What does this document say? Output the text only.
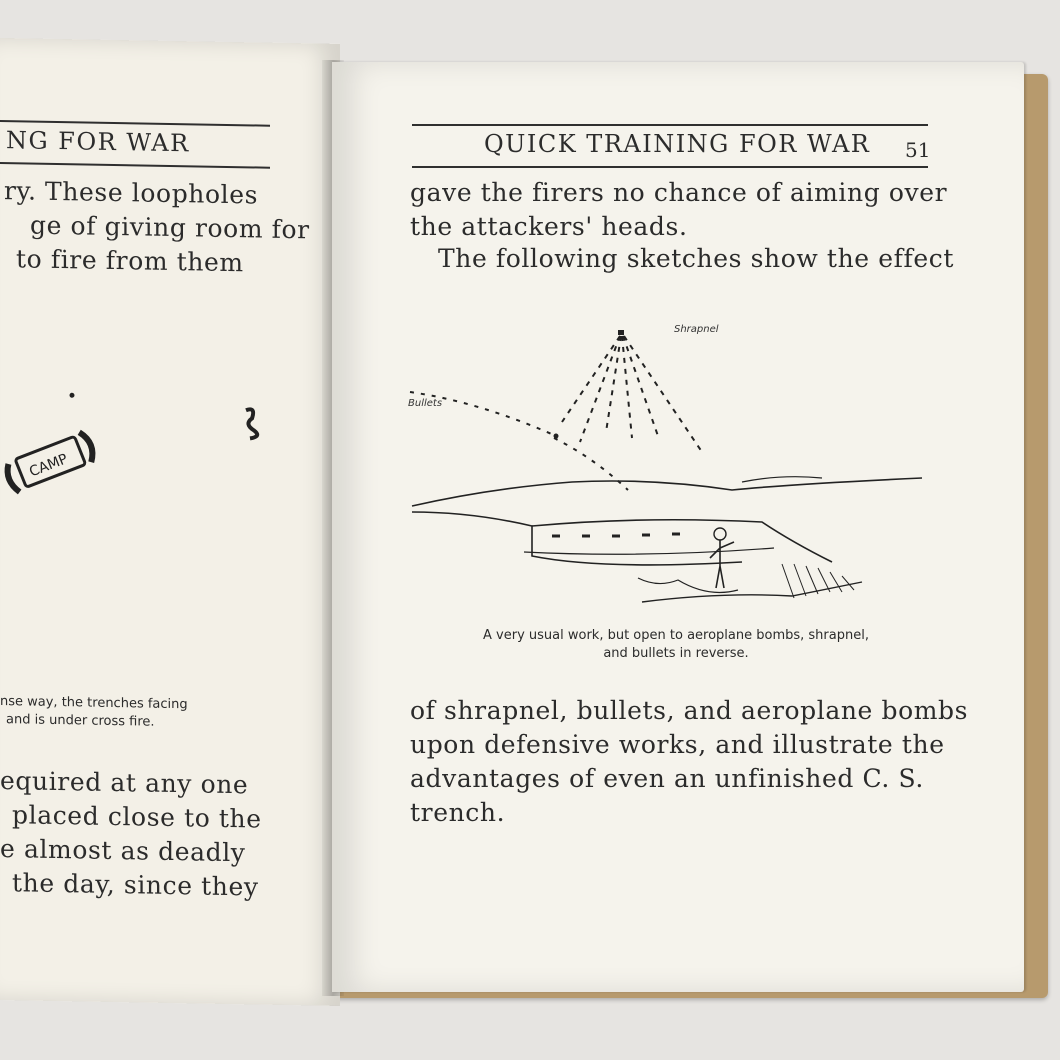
NG FOR WAR
ry. These loopholes
ge of giving room for
to fire from them
CAMP
nse way, the trenches facing
and is under cross fire.
equired at any one
placed close to the
e almost as deadly
the day, since they
QUICK TRAINING FOR WAR 51
gave the firers no chance of aiming over
the attackers' heads.
The following sketches show the effect
Shrapnel
Bullets
A very usual work, but open to aeroplane bombs, shrapnel,
and bullets in reverse.
of shrapnel, bullets, and aeroplane bombs
upon defensive works, and illustrate the
advantages of even an unfinished C. S.
trench.
